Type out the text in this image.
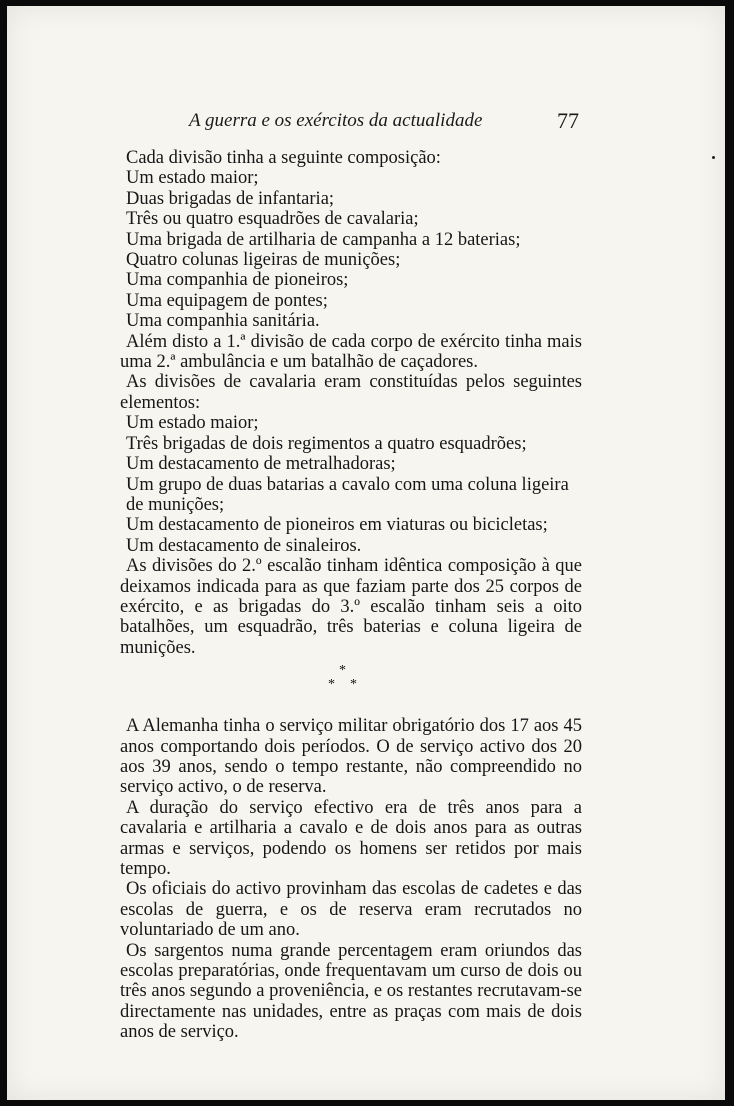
A guerra e os exércitos da actualidade	77

Cada divisão tinha a seguinte composição:

Um estado maior;
Duas brigadas de infantaria;
Três ou quatro esquadrões de cavalaria;
Uma brigada de artilharia de campanha a 12 baterias;
Quatro colunas ligeiras de munições;
Uma companhia de pioneiros;
Uma equipagem de pontes;
Uma companhia sanitária.

Além disto a 1.ª divisão de cada corpo de exército tinha mais uma 2.ª ambulância e um batalhão de caçadores.

As divisões de cavalaria eram constituídas pelos seguintes elementos:

Um estado maior;
Três brigadas de dois regimentos a quatro esquadrões;
Um destacamento de metralhadoras;
Um grupo de duas batarias a cavalo com uma coluna ligeira de munições;
Um destacamento de pioneiros em viaturas ou bicicletas;
Um destacamento de sinaleiros.

As divisões do 2.º escalão tinham idêntica composição à que deixamos indicada para as que faziam parte dos 25 corpos de exército, e as brigadas do 3.º escalão tinham seis a oito batalhões, um esquadrão, três baterias e coluna ligeira de munições.

*
* *

A Alemanha tinha o serviço militar obrigatório dos 17 aos 45 anos comportando dois períodos. O de serviço activo dos 20 aos 39 anos, sendo o tempo restante, não compreendido no serviço activo, o de reserva.

A duração do serviço efectivo era de três anos para a cavalaria e artilharia a cavalo e de dois anos para as outras armas e serviços, podendo os homens ser retidos por mais tempo.

Os oficiais do activo provinham das escolas de cadetes e das escolas de guerra, e os de reserva eram recrutados no voluntariado de um ano.

Os sargentos numa grande percentagem eram oriundos das escolas preparatórias, onde frequentavam um curso de dois ou três anos segundo a proveniência, e os restantes recrutavam-se directamente nas unidades, entre as praças com mais de dois anos de serviço.
